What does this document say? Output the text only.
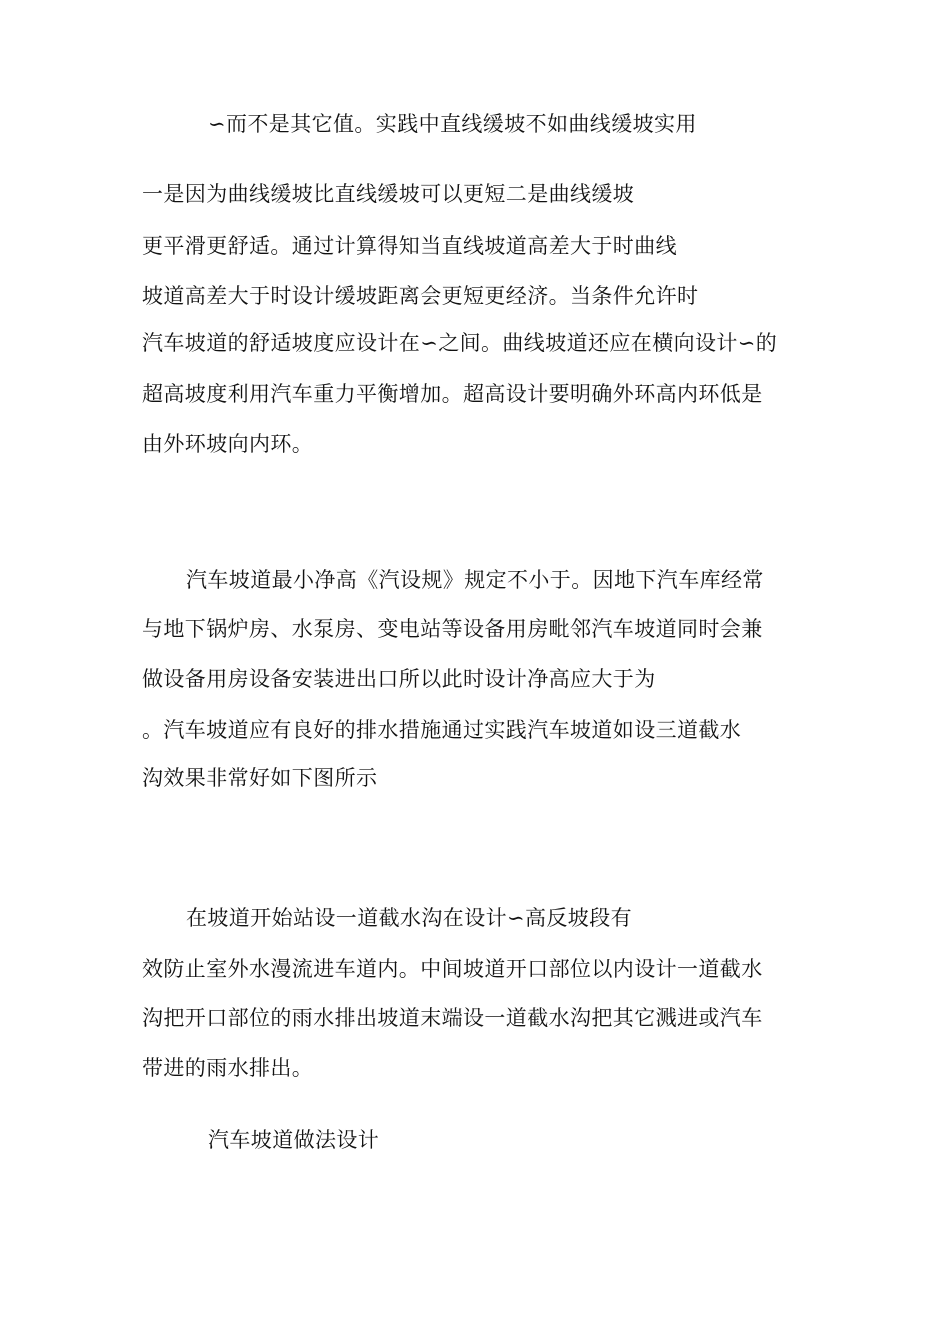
∽而不是其它值。实践中直线缓坡不如曲线缓坡实用
一是因为曲线缓坡比直线缓坡可以更短二是曲线缓坡
更平滑更舒适。通过计算得知当直线坡道高差大于时曲线
坡道高差大于时设计缓坡距离会更短更经济。当条件允许时
汽车坡道的舒适坡度应设计在∽之间。曲线坡道还应在横向设计∽的
超高坡度利用汽车重力平衡增加。超高设计要明确外环高内环低是
由外环坡向内环。
汽车坡道最小净高《汽设规》规定不小于。因地下汽车库经常
与地下锅炉房、水泵房、变电站等设备用房毗邻汽车坡道同时会兼
做设备用房设备安装进出口所以此时设计净高应大于为
。汽车坡道应有良好的排水措施通过实践汽车坡道如设三道截水
沟效果非常好如下图所示
在坡道开始站设一道截水沟在设计∽高反坡段有
效防止室外水漫流进车道内。中间坡道开口部位以内设计一道截水
沟把开口部位的雨水排出坡道末端设一道截水沟把其它溅进或汽车
带进的雨水排出。
汽车坡道做法设计
